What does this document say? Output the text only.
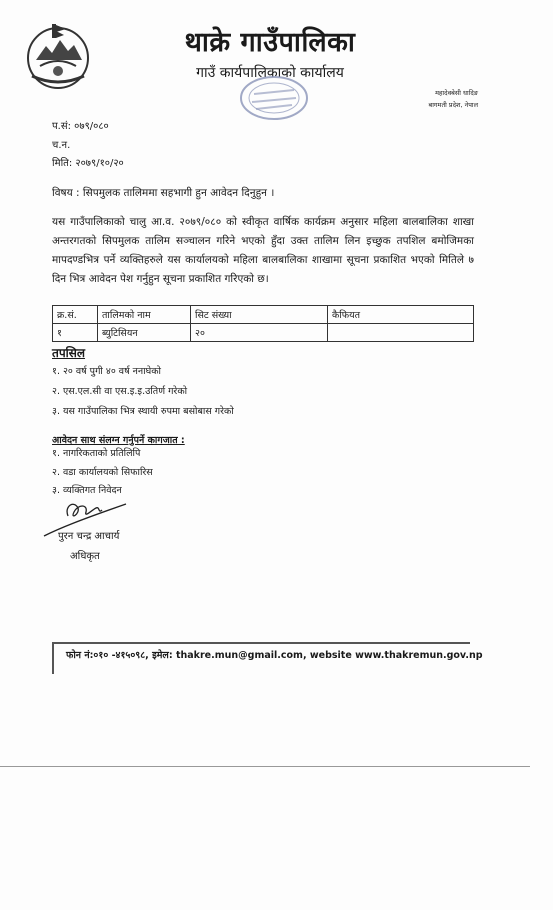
थाक्रे गाउँपालिका
गाउँ कार्यपालिकाको कार्यालय
महादेवबेसी धादिङ
बागमती प्रदेश, नेपाल
प.सं: ०७९/०८०
च.न.
मिति: २०७९/१०/२०
विषय : सिपमुलक तालिममा सहभागी हुन आवेदन दिनुहुन ।
यस गाउँपालिकाको चालु आ.व. २०७९/०८० को स्वीकृत वार्षिक कार्यक्रम अनुसार महिला बालबालिका शाखा अन्तरगतको सिपमुलक तालिम सञ्चालन गरिने भएको हुँदा उक्त तालिम लिन इच्छुक तपशिल बमोजिमका मापदण्डभित्र पर्ने व्यक्तिहरुले यस कार्यालयको महिला बालबालिका शाखामा सूचना प्रकाशित भएको मितिले ७ दिन भित्र आवेदन पेश गर्नुहुन सूचना प्रकाशित गरिएको छ।
क्र.सं.	तालिमको नाम	सिट संख्या	कैफियत
१	ब्युटिसियन	२०	
तपसिल
१. २० वर्ष पुगी ४० वर्ष ननाघेको
२. एस.एल.सी वा एस.इ.इ.उतिर्ण गरेको
३. यस गाउँपालिका भित्र स्थायी रुपमा बसोबास गरेको
आवेदन साथ संलग्न गर्नुपर्ने कागजात :
१. नागरिकताको प्रतिलिपि
२. वडा कार्यालयको सिफारिस
३. व्यक्तिगत निवेदन
पुरन चन्द्र आचार्य
अधिकृत
फोन नं:०१० -४१५०९८, इमेल: thakre.mun@gmail.com, website www.thakremun.gov.np
